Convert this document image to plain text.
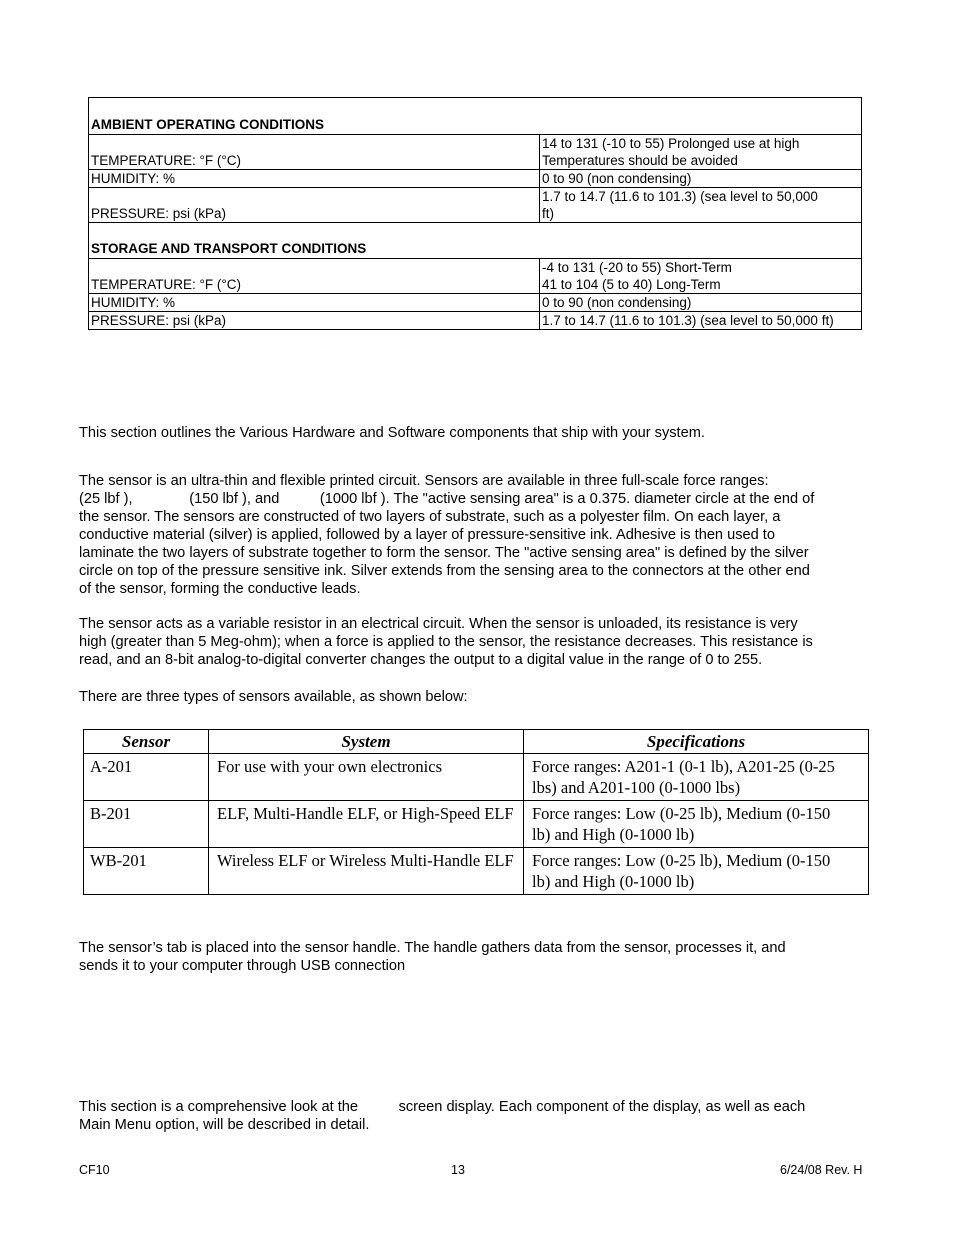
AMBIENT OPERATING CONDITIONS	
TEMPERATURE: °F (°C)	14 to 131 (-10 to 55) Prolonged use at high
Temperatures should be avoided

HUMIDITY: %	0 to 90 (non condensing)
PRESSURE: psi (kPa)	1.7 to 14.7 (11.6 to 101.3) (sea level to 50,000
ft)

STORAGE AND TRANSPORT CONDITIONS	
TEMPERATURE: °F (°C)	-4 to 131 (-20 to 55) Short-Term
41 to 104 (5 to 40) Long-Term

HUMIDITY: %	0 to 90 (non condensing)
PRESSURE: psi (kPa)	1.7 to 14.7 (11.6 to 101.3) (sea level to 50,000 ft)

This section outlines the Various Hardware and Software components that ship with your system.

The sensor is an ultra-thin and flexible printed circuit. Sensors are available in three full-scale force ranges:
(25 lbf ),              (150 lbf ), and          (1000 lbf ). The "active sensing area" is a 0.375. diameter circle at the end of
the sensor. The sensors are constructed of two layers of substrate, such as a polyester film. On each layer, a
conductive material (silver) is applied, followed by a layer of pressure-sensitive ink. Adhesive is then used to
laminate the two layers of substrate together to form the sensor. The "active sensing area" is defined by the silver
circle on top of the pressure sensitive ink. Silver extends from the sensing area to the connectors at the other end
of the sensor, forming the conductive leads.
The sensor acts as a variable resistor in an electrical circuit. When the sensor is unloaded, its resistance is very
high (greater than 5 Meg-ohm); when a force is applied to the sensor, the resistance decreases. This resistance is
read, and an 8-bit analog-to-digital converter changes the output to a digital value in the range of 0 to 255.

There are three types of sensors available, as shown below:

Sensor	System	Specifications
A-201	For use with your own electronics	Force ranges: A201-1 (0-1 lb), A201-25 (0-25
lbs) and A201-100 (0-1000 lbs)

B-201	ELF, Multi-Handle ELF, or High-Speed ELF	Force ranges: Low (0-25 lb), Medium (0-150
lb) and High (0-1000 lb)

WB-201	Wireless ELF or Wireless Multi-Handle ELF	Force ranges: Low (0-25 lb), Medium (0-150
lb) and High (0-1000 lb)
The sensor’s tab is placed into the sensor handle. The handle gathers data from the sensor, processes it, and
sends it to your computer through USB connection
This section is a comprehensive look at the          screen display. Each component of the display, as well as each
Main Menu option, will be described in detail.
CF10	13	6/24/08 Rev. H
